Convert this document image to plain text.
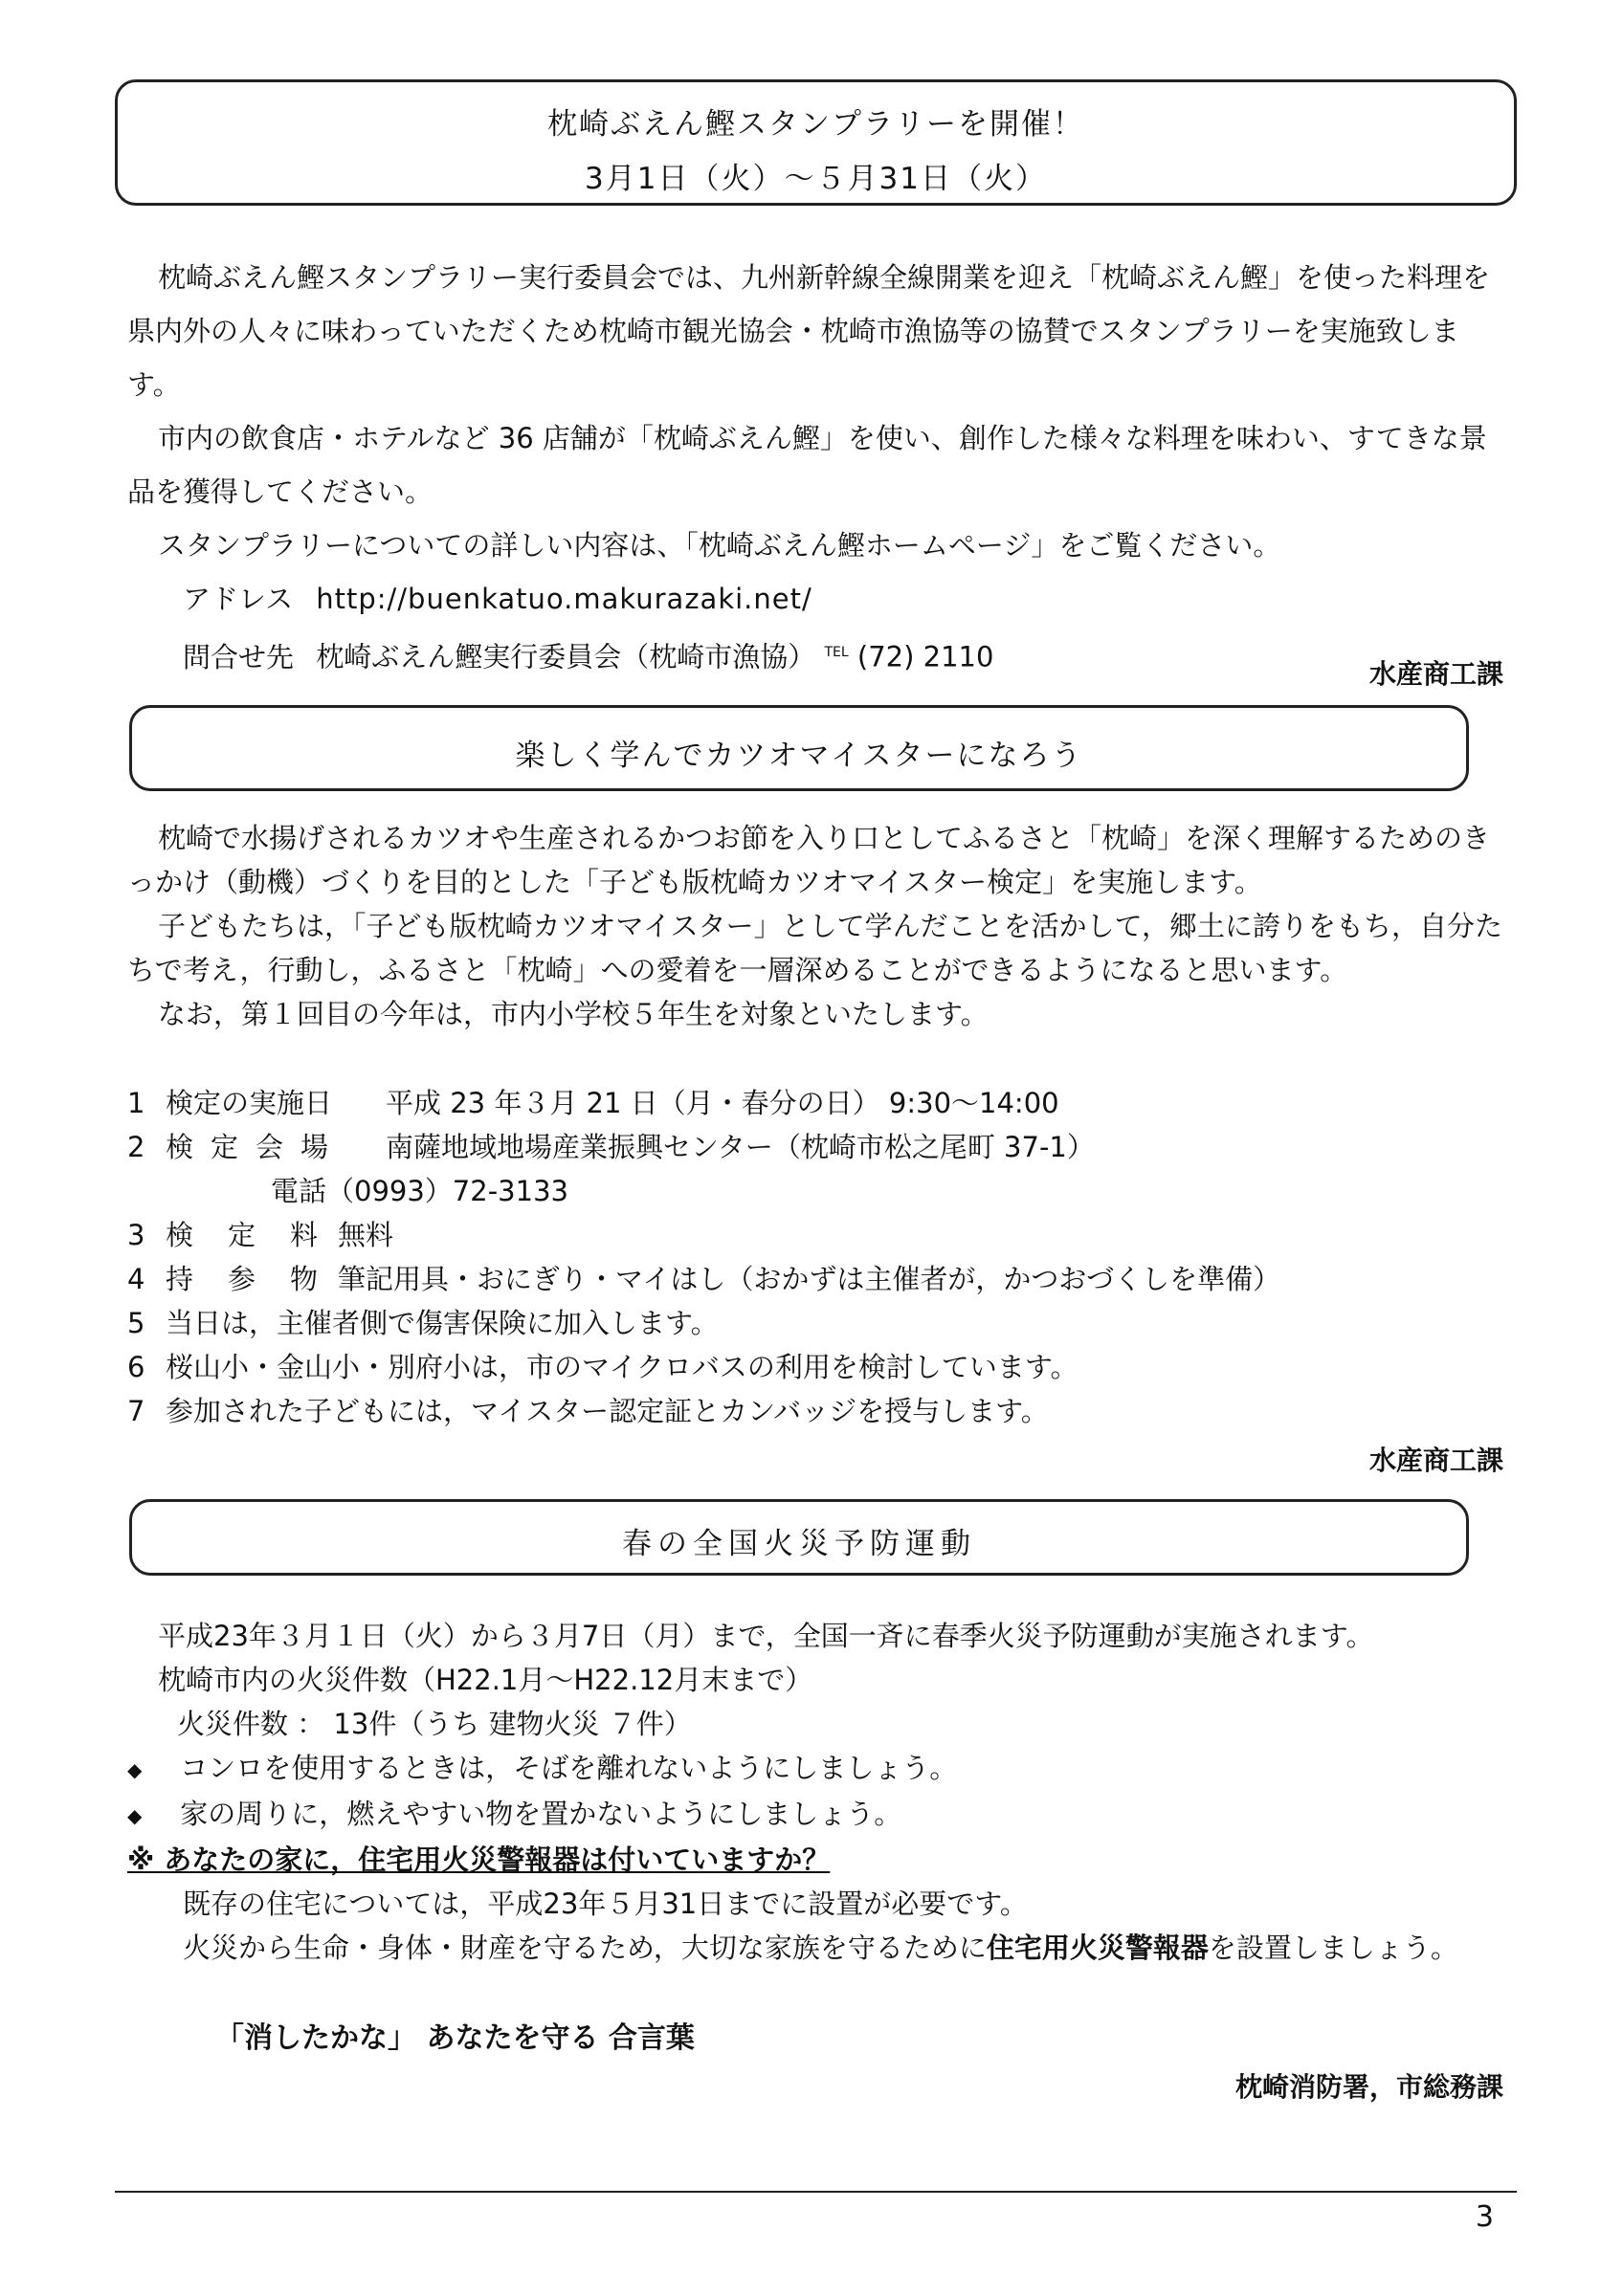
枕崎ぶえん鰹スタンプラリーを開催！
3月1日（火）～５月31日（火）

枕崎ぶえん鰹スタンプラリー実行委員会では、九州新幹線全線開業を迎え「枕崎ぶえん鰹」を使った料理を県内外の人々に味わっていただくため枕崎市観光協会・枕崎市漁協等の協賛でスタンプラリーを実施致します。

市内の飲食店・ホテルなど 36 店舗が「枕崎ぶえん鰹」を使い、創作した様々な料理を味わい、すてきな景品を獲得してください。

スタンプラリーについての詳しい内容は、「枕崎ぶえん鰹ホームページ」をご覧ください。

アドレス http://buenkatuo.makurazaki.net/

問合せ先 枕崎ぶえん鰹実行委員会（枕崎市漁協） $^{TEL}$ (72) 2110

水産商工課
楽しく学んでカツオマイスターになろう

枕崎で水揚げされるカツオや生産されるかつお節を入り口としてふるさと「枕崎」を深く理解するためのきっかけ（動機）づくりを目的とした「子ども版枕崎カツオマイスター検定」を実施します。

子どもたちは，「子ども版枕崎カツオマイスター」として学んだことを活かして，郷土に誇りをもち，自分たちで考え，行動し，ふるさと「枕崎」への愛着を一層深めることができるようになると思います。

なお，第１回目の今年は，市内小学校５年生を対象といたします。

1 検定の実施日 平成 23 年３月 21 日（月・春分の日） 9:30～14:00
2 検定会場 南薩地域地場産業振興センター（枕崎市松之尾町 37-1）
電話（0993）72-3133
3 検定料無料
4 持参物筆記用具・おにぎり・マイはし（おかずは主催者が，かつおづくしを準備）
5 当日は，主催者側で傷害保険に加入します。
6 桜山小・金山小・別府小は，市のマイクロバスの利用を検討しています。
7 参加された子どもには，マイスター認定証とカンバッジを授与します。
水産商工課
春の全国火災予防運動
平成23年３月１日（火）から３月7日（月）まで，全国一斉に春季火災予防運動が実施されます。
枕崎市内の火災件数（H22.1月～H22.12月末まで）
火災件数 ： 13件（うち 建物火災 ７件）
◆ コンロを使用するときは，そばを離れないようにしましょう。
◆ 家の周りに，燃えやすい物を置かないようにしましょう。
※ あなたの家に，住宅用火災警報器は付いていますか？
既存の住宅については，平成23年５月31日までに設置が必要です。
火災から生命・身体・財産を守るため，大切な家族を守るために住宅用火災警報器を設置しましょう。
「消したかな」 あなたを守る 合言葉
枕崎消防署，市総務課
3
